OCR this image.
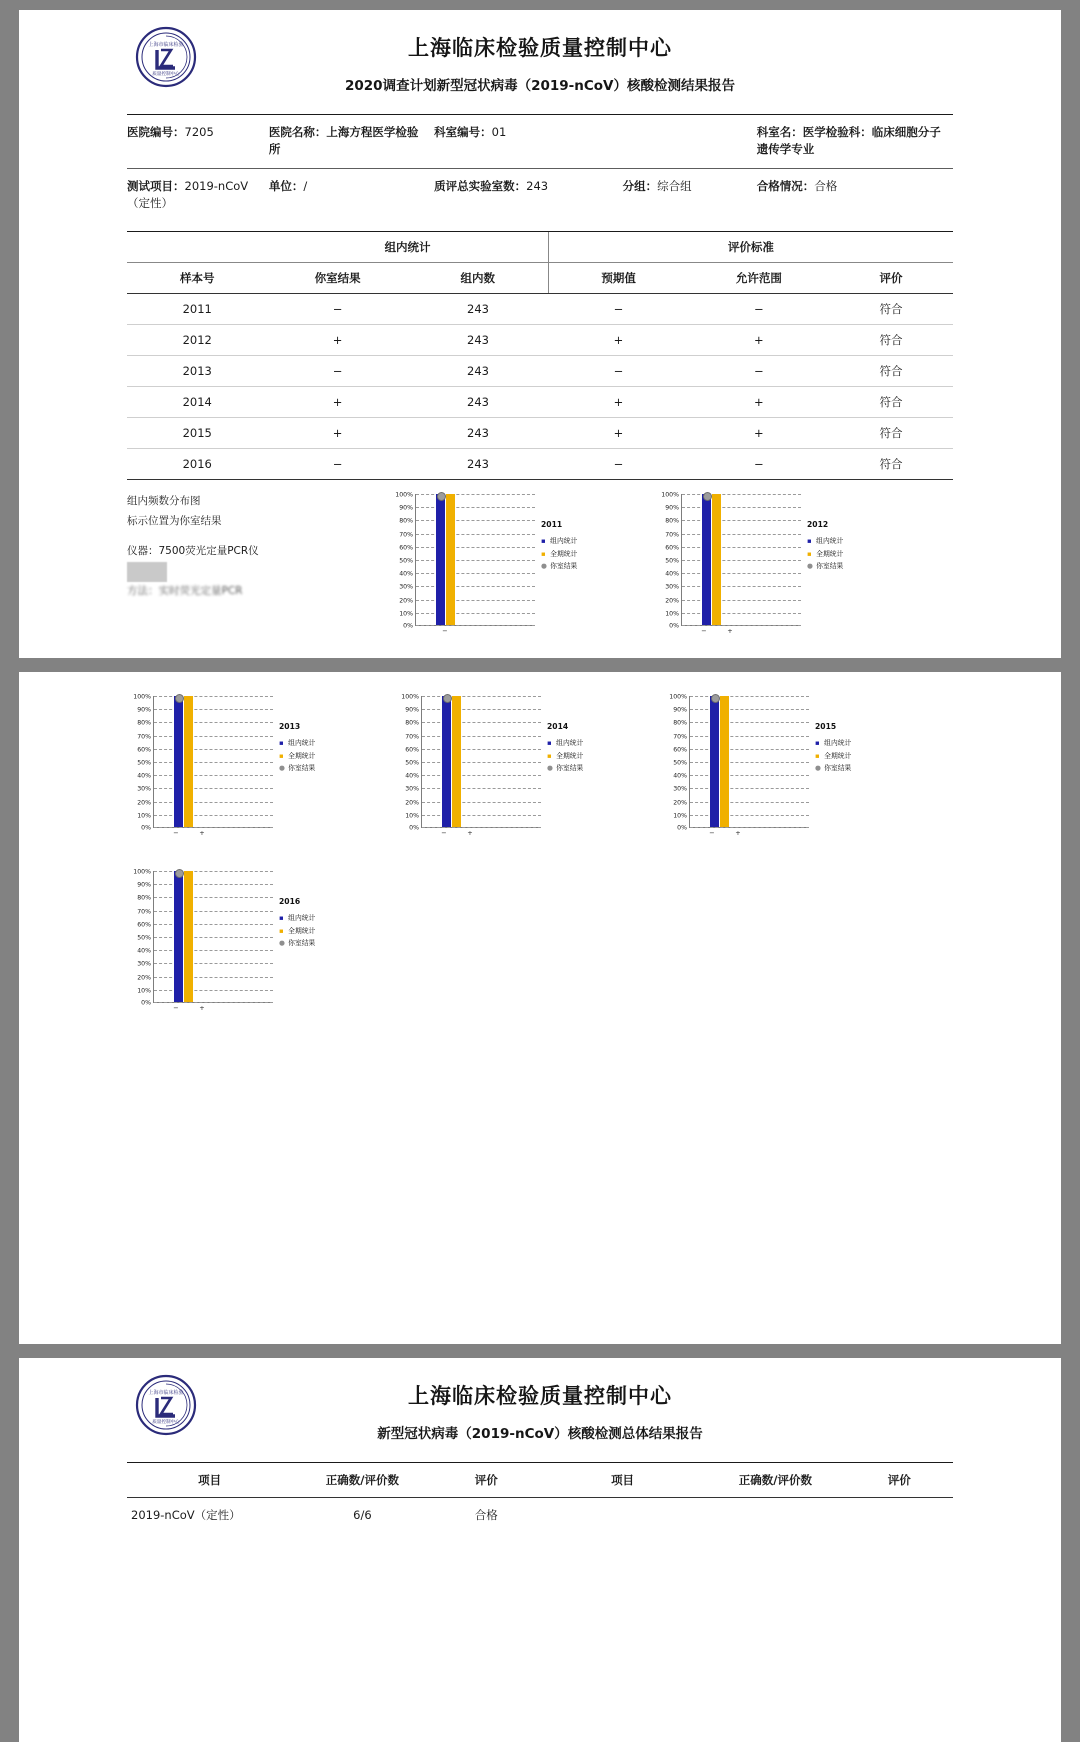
上海市临床检验
质量控制中心
上海临床检验质量控制中心
2020调查计划新型冠状病毒（2019-nCoV）核酸检测结果报告
医院编号：7205	医院名称：上海方程医学检验所
科室编号：01	科室名：医学检验科：临床细胞分子遗传学专业
测试项目：2019-nCoV（定性）
单位：/	质评总实验室数：243	分组：综合组	合格情况：合格
	组内统计		评价标准		
样本号	你室结果	组内数	预期值	允许范围	评价
2011	−	243	−	−	符合
2012	+	243	+	+	符合
2013	−	243	−	−	符合
2014	+	243	+	+	符合
2015	+	243	+	+	符合
2016	−	243	−	−	符合
组内频数分布图
标示位置为你室结果
仪器：7500荧光定量PCR仪

方法：实时荧光定量PCR
100%
90%
80%
70%
60%
50%
40%
30%
20%
10%
0%
−
2011
▪ 组内统计
▪ 全期统计
● 你室结果
100%
90%
80%
70%
60%
50%
40%
30%
20%
10%
0%
−	+
2012
▪ 组内统计
▪ 全期统计
● 你室结果
100%
90%
80%
70%
60%
50%
40%
30%
20%
10%
0%
−	+
2013
▪ 组内统计
▪ 全期统计
● 你室结果
100%
90%
80%
70%
60%
50%
40%
30%
20%
10%
0%
−	+
2014
▪ 组内统计
▪ 全期统计
● 你室结果
100%
90%
80%
70%
60%
50%
40%
30%
20%
10%
0%
−	+
2015
▪ 组内统计
▪ 全期统计
● 你室结果
100%
90%
80%
70%
60%
50%
40%
30%
20%
10%
0%
−	+
2016
▪ 组内统计
▪ 全期统计
● 你室结果
上海市临床检验
质量控制中心
上海临床检验质量控制中心
新型冠状病毒（2019-nCoV）核酸检测总体结果报告
项目	正确数/评价数	评价	项目	正确数/评价数	评价
2019-nCoV（定性）	6/6	合格			
